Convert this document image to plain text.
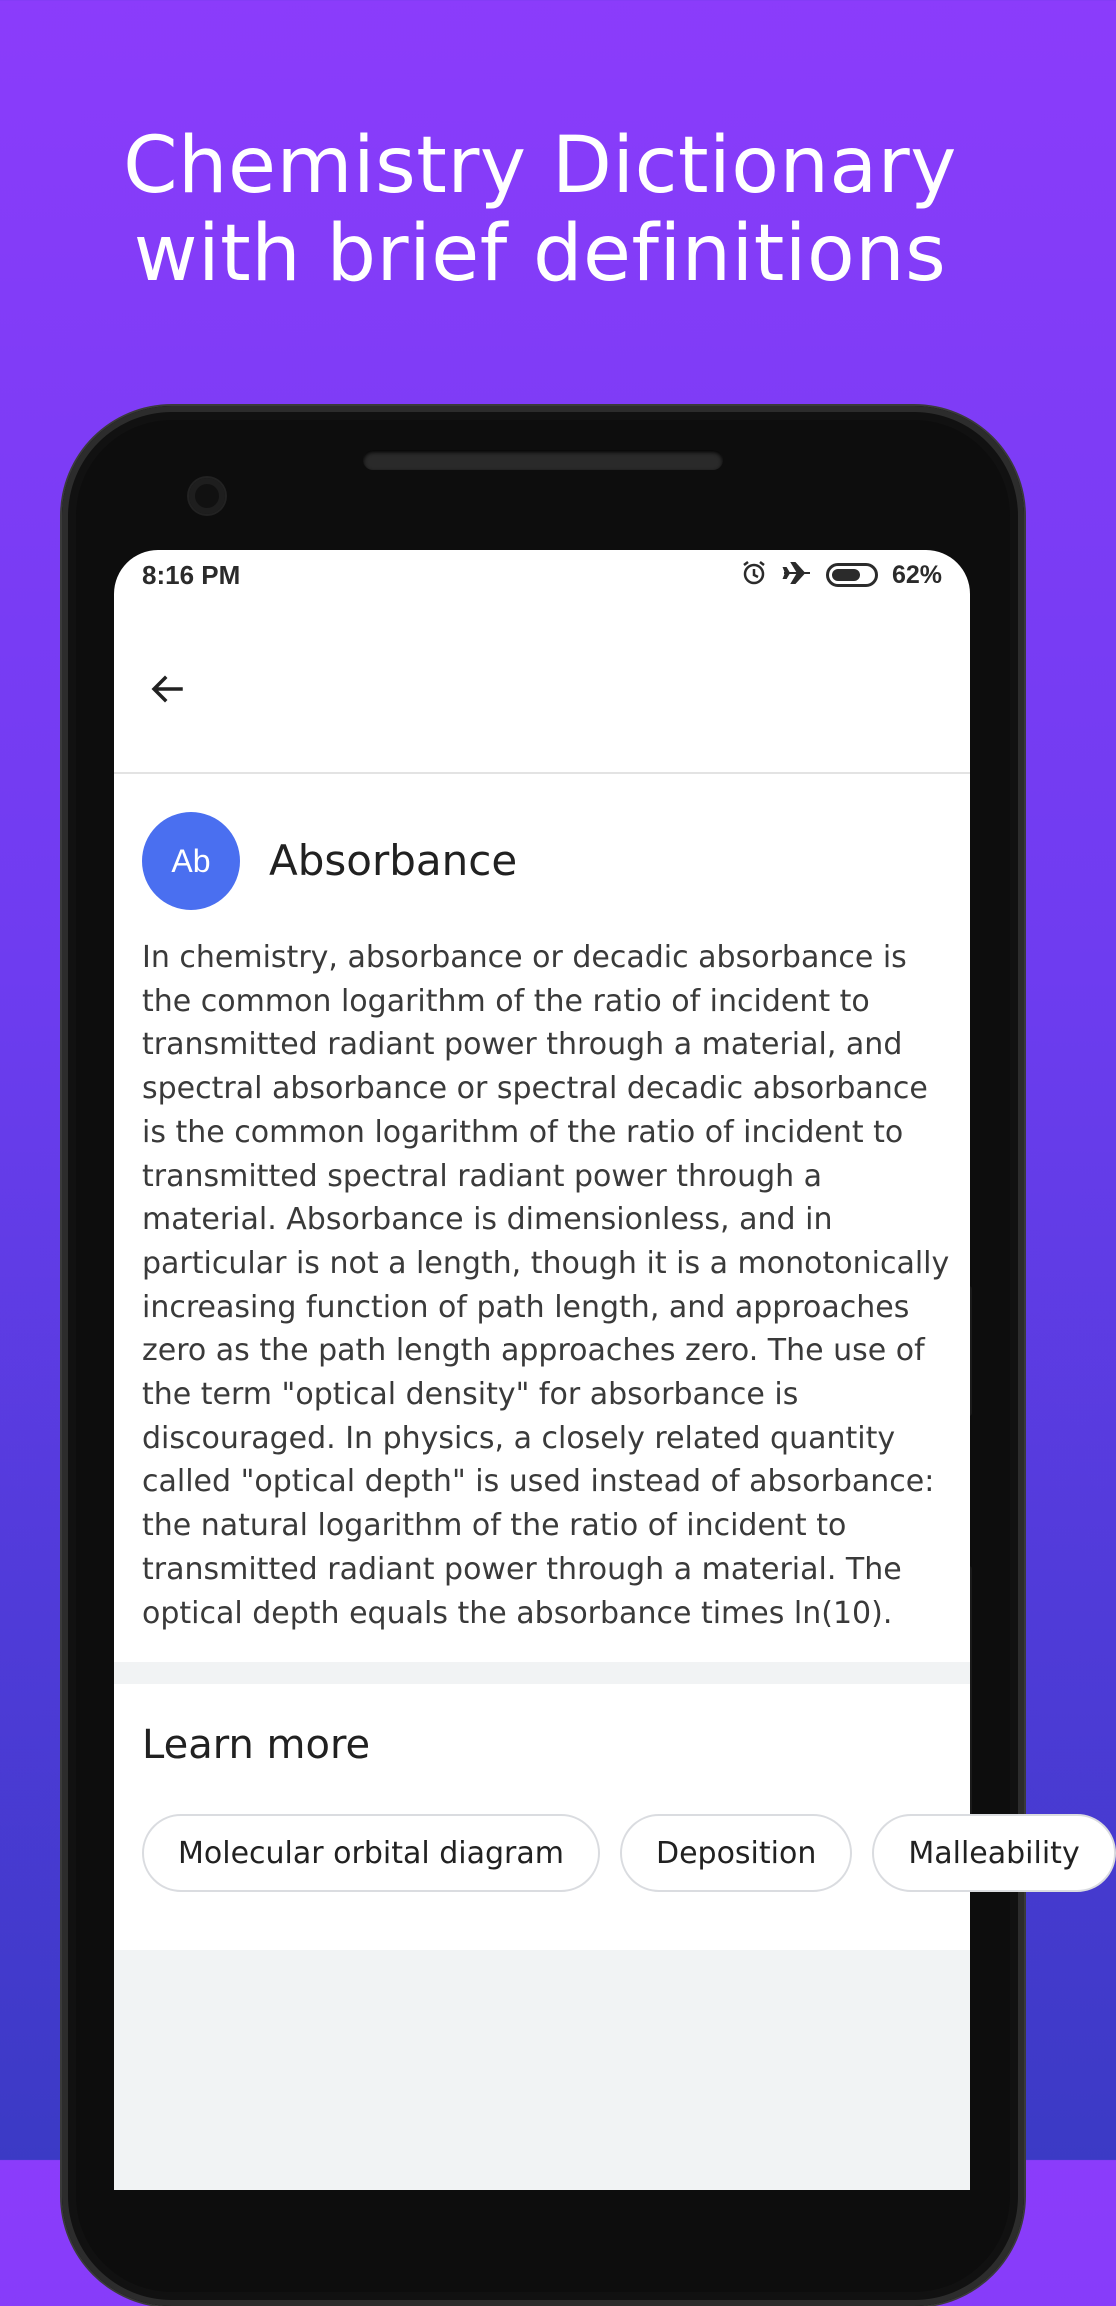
Chemistry Dictionary
with brief definitions
8:16 PM	62%
Ab	Absorbance

In chemistry, absorbance or decadic absorbance is the common logarithm of the ratio of incident to transmitted radiant power through a material, and spectral absorbance or spectral decadic absorbance is the common logarithm of the ratio of incident to transmitted spectral radiant power through a material. Absorbance is dimensionless, and in particular is not a length, though it is a monotonically increasing function of path length, and approaches zero as the path length approaches zero. The use of the term "optical density" for absorbance is discouraged. In physics, a closely related quantity called "optical depth" is used instead of absorbance: the natural logarithm of the ratio of incident to transmitted radiant power through a material. The optical depth equals the absorbance times ln(10).

Learn more
Molecular orbital diagram	Deposition	Malleability
